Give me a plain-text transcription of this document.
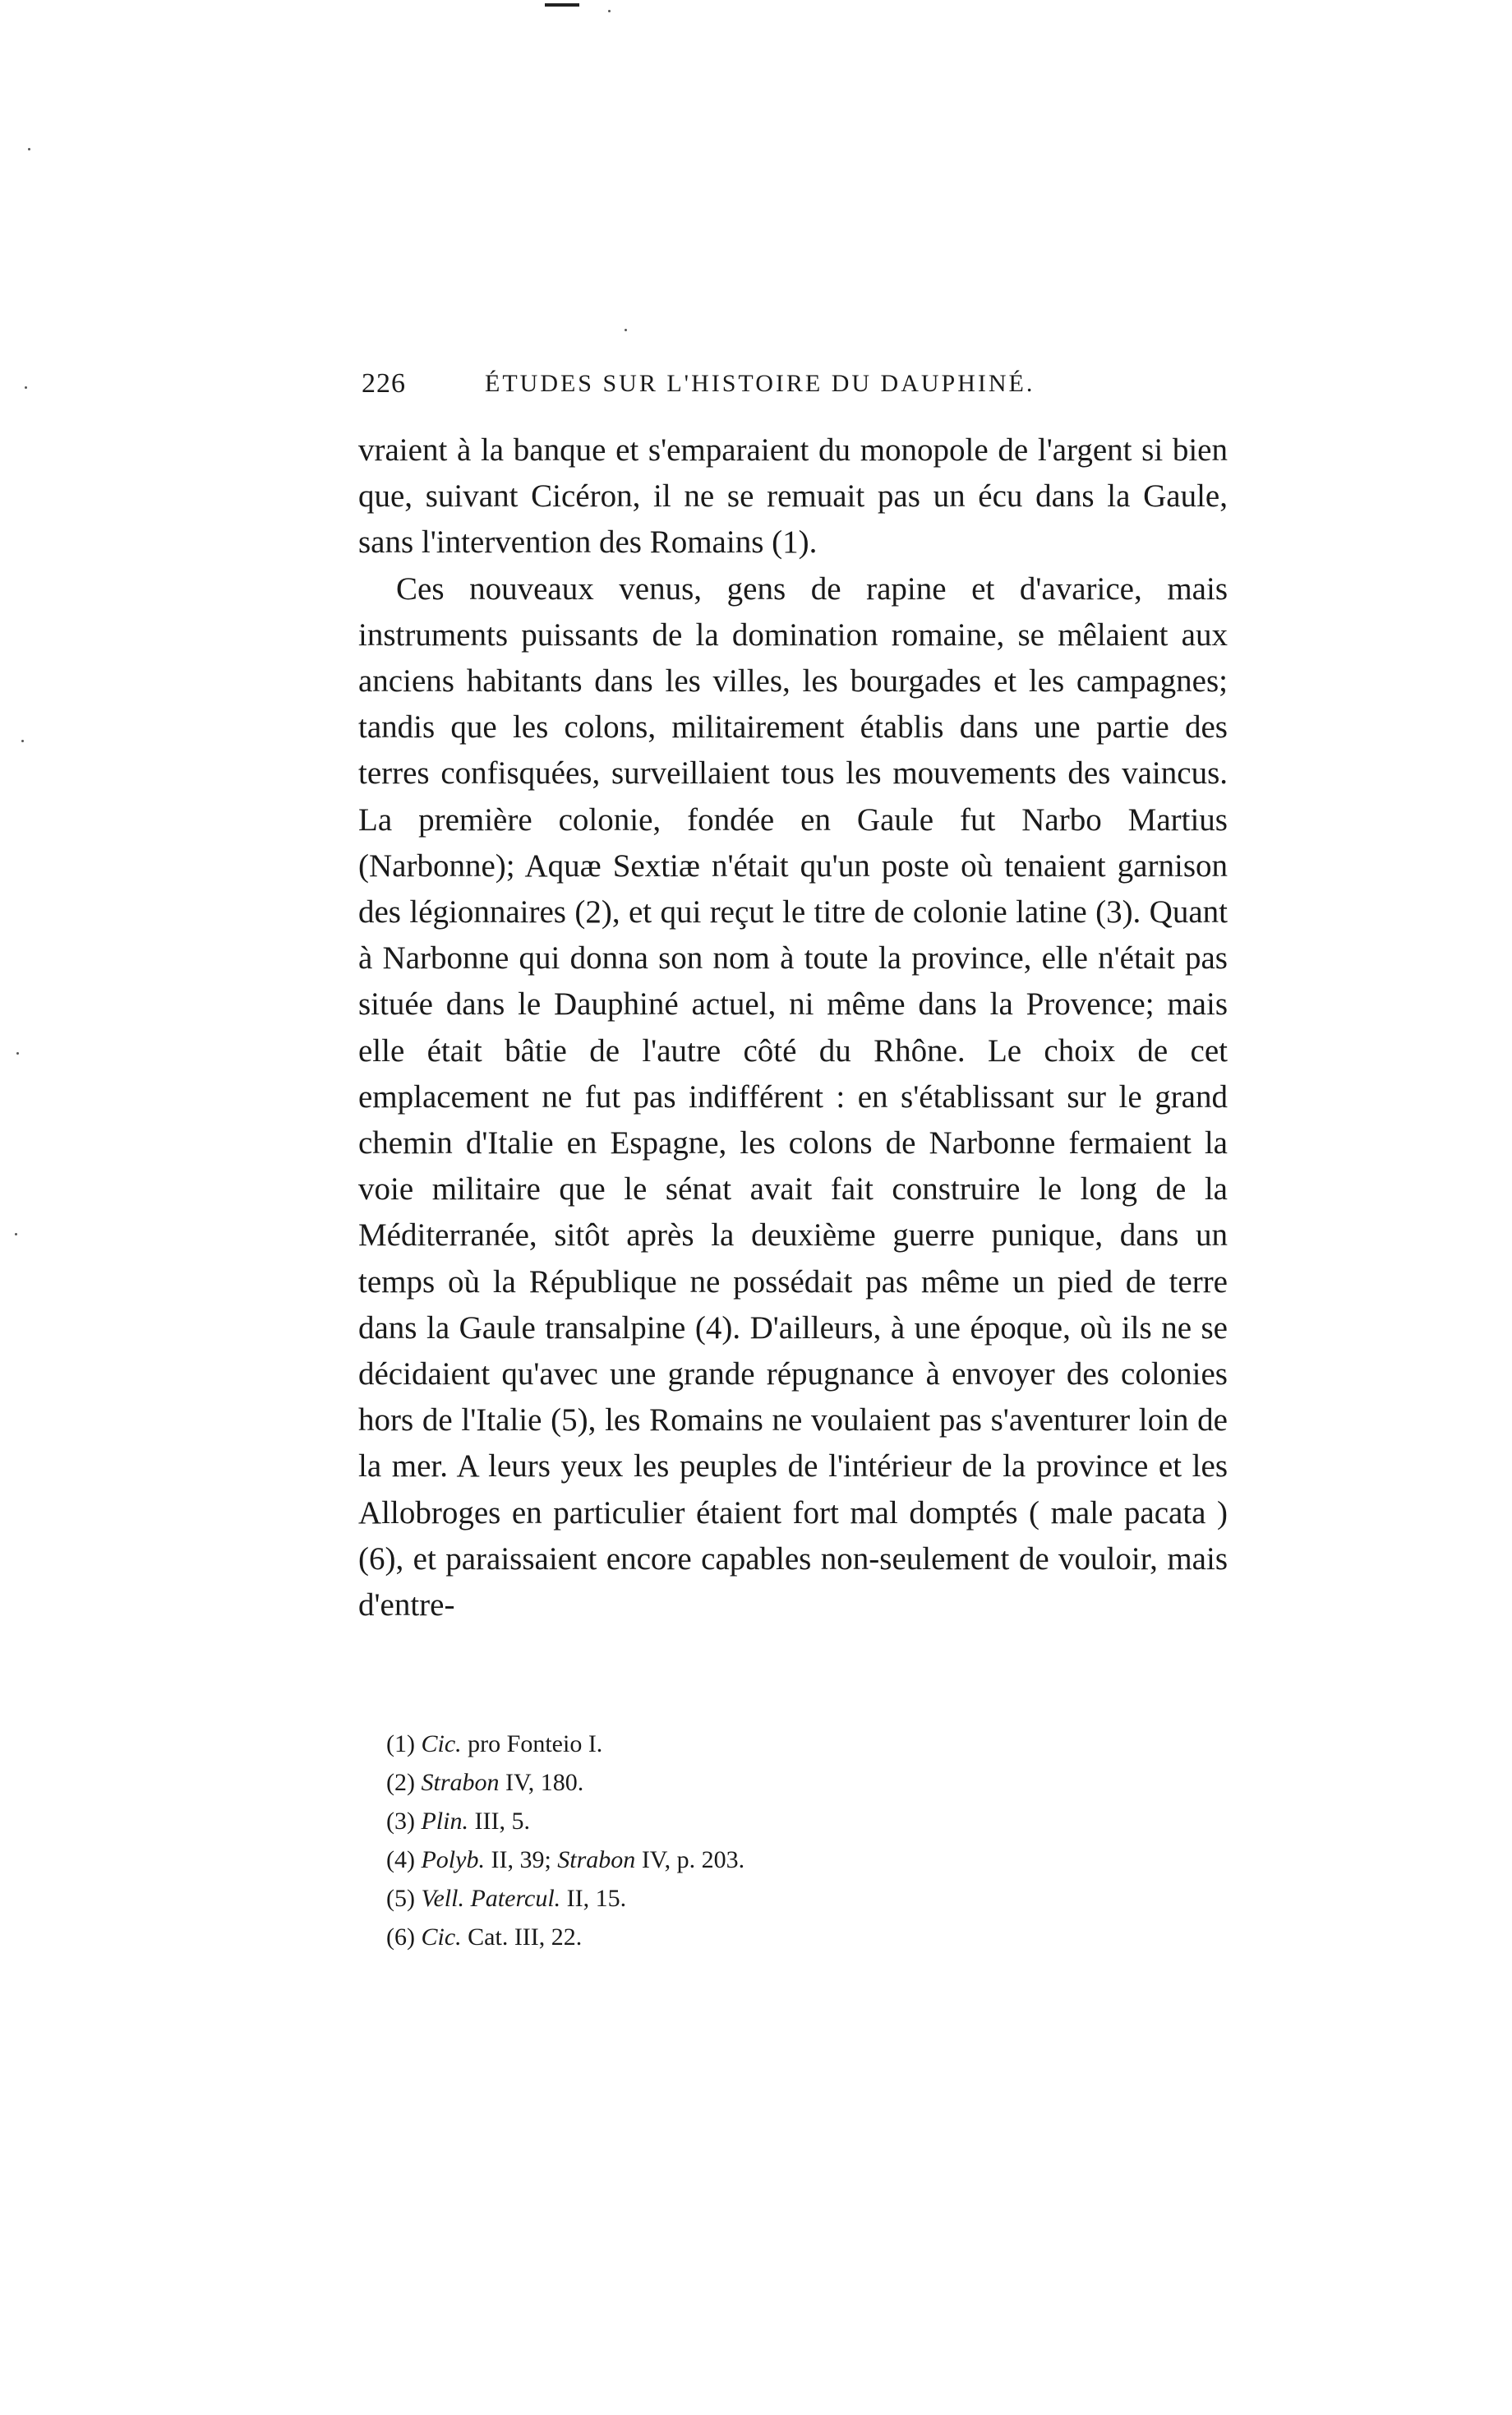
226	ÉTUDES SUR L'HISTOIRE DU DAUPHINÉ.

vraient à la banque et s'emparaient du monopole de l'argent si bien que, suivant Cicéron, il ne se remuait pas un écu dans la Gaule, sans l'intervention des Romains (1).

Ces nouveaux venus, gens de rapine et d'avarice, mais instruments puissants de la domination romaine, se mêlaient aux anciens habitants dans les villes, les bourgades et les campagnes; tandis que les colons, militairement établis dans une partie des terres confisquées, surveillaient tous les mouvements des vaincus. La première colonie, fondée en Gaule fut Narbo Martius (Narbonne); Aquæ Sextiæ n'était qu'un poste où tenaient garnison des légionnaires (2), et qui reçut le titre de colonie latine (3). Quant à Narbonne qui donna son nom à toute la province, elle n'était pas située dans le Dauphiné actuel, ni même dans la Provence; mais elle était bâtie de l'autre côté du Rhône. Le choix de cet emplacement ne fut pas indifférent : en s'établissant sur le grand chemin d'Italie en Espagne, les colons de Narbonne fermaient la voie militaire que le sénat avait fait construire le long de la Méditerranée, sitôt après la deuxième guerre punique, dans un temps où la République ne possédait pas même un pied de terre dans la Gaule transalpine (4). D'ailleurs, à une époque, où ils ne se décidaient qu'avec une grande répugnance à envoyer des colonies hors de l'Italie (5), les Romains ne voulaient pas s'aventurer loin de la mer. A leurs yeux les peuples de l'intérieur de la province et les Allobroges en particulier étaient fort mal domptés ( male pacata ) (6), et paraissaient encore capables non-seulement de vouloir, mais d'entre-

(1) Cic. pro Fonteio I.
(2) Strabon IV, 180.
(3) Plin. III, 5.
(4) Polyb. II, 39; Strabon IV, p. 203.
(5) Vell. Patercul. II, 15.
(6) Cic. Cat. III, 22.
